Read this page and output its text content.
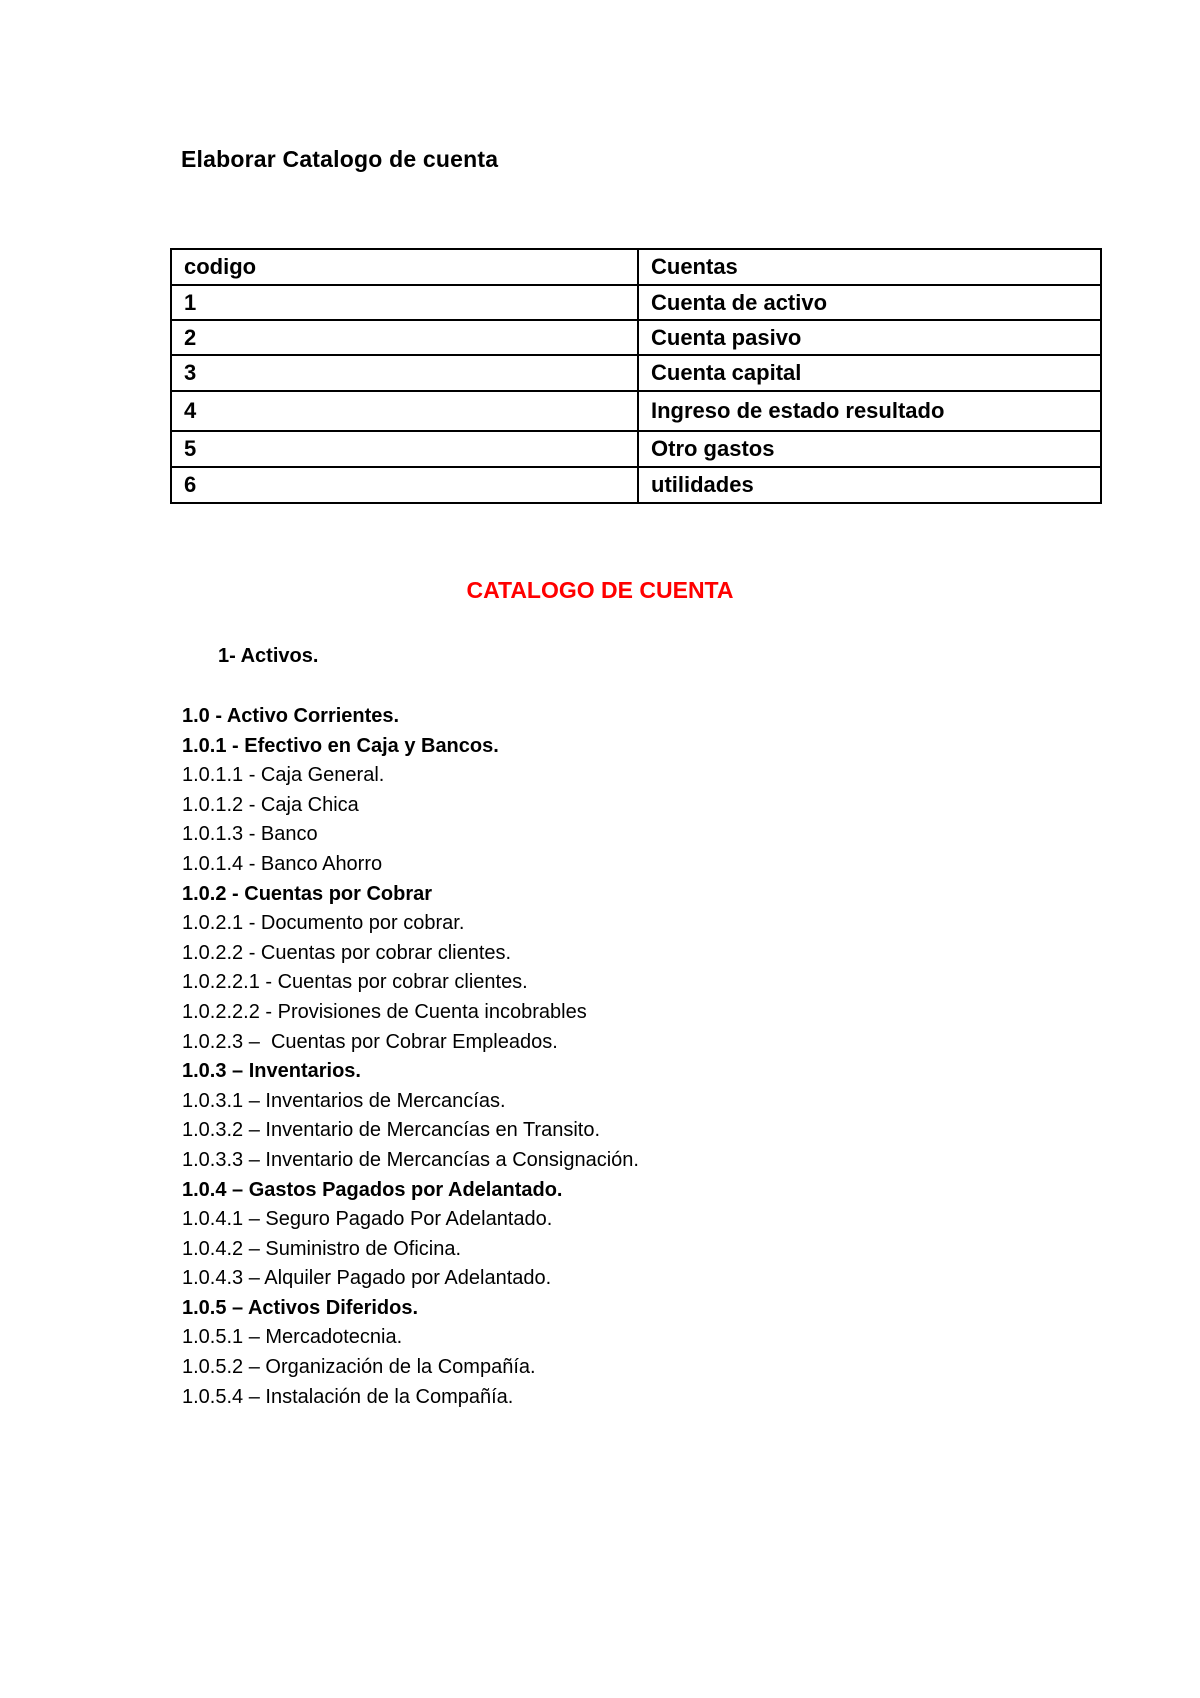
Elaborar Catalogo de cuenta
codigo	Cuentas
1	Cuenta de activo
2	Cuenta pasivo
3	Cuenta capital
4	Ingreso de estado resultado
5	Otro gastos
6	utilidades
CATALOGO DE CUENTA
1- Activos.
1.0 - Activo Corrientes.
1.0.1 - Efectivo en Caja y Bancos.
1.0.1.1 - Caja General.
1.0.1.2 - Caja Chica
1.0.1.3 - Banco
1.0.1.4 - Banco Ahorro
1.0.2 - Cuentas por Cobrar
1.0.2.1 - Documento por cobrar.
1.0.2.2 - Cuentas por cobrar clientes.
1.0.2.2.1 - Cuentas por cobrar clientes.
1.0.2.2.2 - Provisiones de Cuenta incobrables
1.0.2.3 –  Cuentas por Cobrar Empleados.
1.0.3 – Inventarios.
1.0.3.1 – Inventarios de Mercancías.
1.0.3.2 – Inventario de Mercancías en Transito.
1.0.3.3 – Inventario de Mercancías a Consignación.
1.0.4 – Gastos Pagados por Adelantado.
1.0.4.1 – Seguro Pagado Por Adelantado.
1.0.4.2 – Suministro de Oficina.
1.0.4.3 – Alquiler Pagado por Adelantado.
1.0.5 – Activos Diferidos.
1.0.5.1 – Mercadotecnia.
1.0.5.2 – Organización de la Compañía.
1.0.5.4 – Instalación de la Compañía.
